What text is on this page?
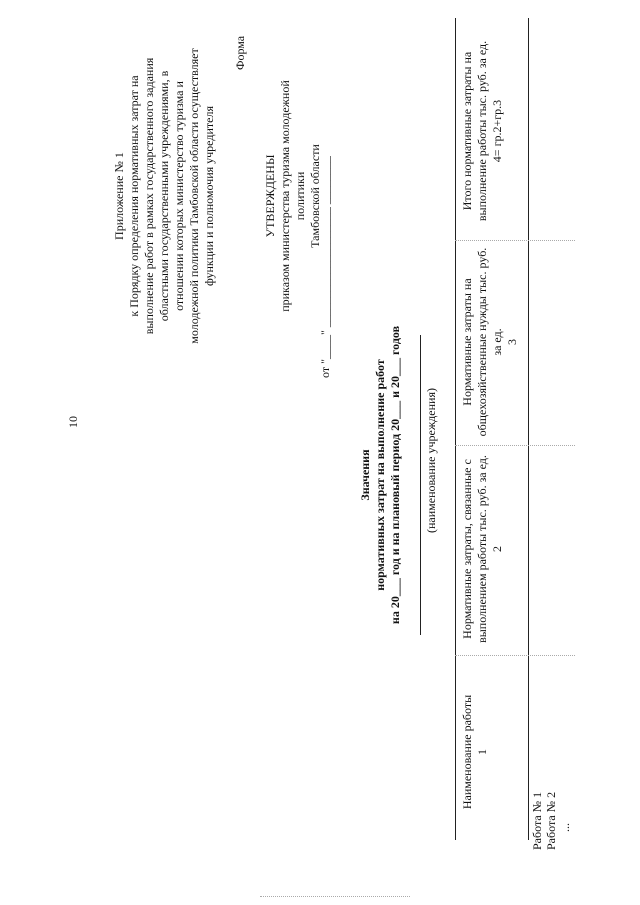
10
Приложение № 1 к Порядку определения нормативных затрат на выполнение работ в рамках государственного задания областными государственными учреждениями, в отношении которых министерство туризма и молодежной политики Тамбовской области осуществляет функции и полномочия учредителя
Форма
УТВЕРЖДЕНЫ приказом министерства туризма молодежной политики Тамбовской области
от "____" ____________________ ________
Значения нормативных затрат на выполнение работ на 20___ год и на плановый период 20___ и 20___ годов (наименование учреждения)
Наименование работы 1
Нормативные затраты, связанные с выполнением работы тыс. руб. за ед. 2
Нормативные затраты на общехозяйственные нужды тыс. руб. за ед. 3
Итого нормативные затраты на выполнение работы тыс. руб. за ед. 4= гр.2+гр.3
Работа № 1 Работа № 2 ...
